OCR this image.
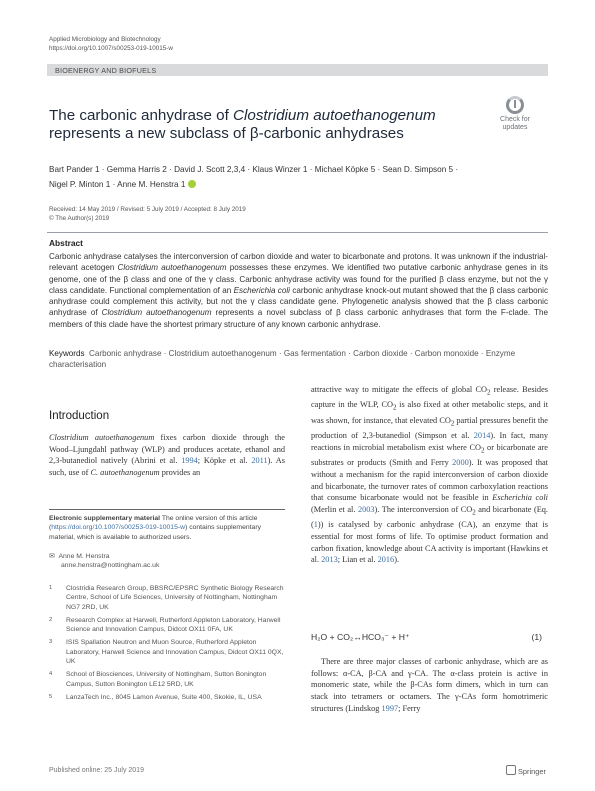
Applied Microbiology and Biotechnology
https://doi.org/10.1007/s00253-019-10015-w
BIOENERGY AND BIOFUELS
Check for
updates
The carbonic anhydrase of Clostridium autoethanogenum
represents a new subclass of β-carbonic anhydrases
Bart Pander 1 · Gemma Harris 2 · David J. Scott 2,3,4 · Klaus Winzer 1 · Michael Köpke 5 · Sean D. Simpson 5 ·
Nigel P. Minton 1 · Anne M. Henstra 1
Received: 14 May 2019 / Revised: 5 July 2019 / Accepted: 8 July 2019
© The Author(s) 2019
Abstract
Carbonic anhydrase catalyses the interconversion of carbon dioxide and water to bicarbonate and protons. It was unknown if the industrial-relevant acetogen Clostridium autoethanogenum possesses these enzymes. We identified two putative carbonic anhydrase genes in its genome, one of the β class and one of the γ class. Carbonic anhydrase activity was found for the purified β class enzyme, but not the γ class candidate. Functional complementation of an Escherichia coli carbonic anhydrase knock-out mutant showed that the β class carbonic anhydrase could complement this activity, but not the γ class candidate gene. Phylogenetic analysis showed that the β class carbonic anhydrase of Clostridium autoethanogenum represents a novel subclass of β class carbonic anhydrases that form the F-clade. The members of this clade have the shortest primary structure of any known carbonic anhydrase.
Keywords Carbonic anhydrase · Clostridium autoethanogenum · Gas fermentation · Carbon dioxide · Carbon monoxide · Enzyme characterisation
Introduction
Clostridium autoethanogenum fixes carbon dioxide through the Wood–Ljungdahl pathway (WLP) and produces acetate, ethanol and 2,3-butanediol natively (Abrini et al. 1994; Köpke et al. 2011). As such, use of C. autoethanogenum provides an

Electronic supplementary material The online version of this article (https://doi.org/10.1007/s00253-019-10015-w) contains supplementary material, which is available to authorized users.

✉ Anne M. Henstra
anne.henstra@nottingham.ac.uk
1	Clostridia Research Group, BBSRC/EPSRC Synthetic Biology Research Centre, School of Life Sciences, University of Nottingham, Nottingham NG7 2RD, UK
2	Research Complex at Harwell, Rutherford Appleton Laboratory, Harwell Science and Innovation Campus, Didcot OX11 0FA, UK
3	ISIS Spallation Neutron and Muon Source, Rutherford Appleton Laboratory, Harwell Science and Innovation Campus, Didcot OX11 0QX, UK
4	School of Biosciences, University of Nottingham, Sutton Bonington Campus, Sutton Bonington LE12 5RD, UK
5	LanzaTech Inc., 8045 Lamon Avenue, Suite 400, Skokie, IL, USA
attractive way to mitigate the effects of global $CO_2$ release. Besides capture in the WLP, $CO_2$ is also fixed at other metabolic steps, and it was shown, for instance, that elevated $CO_2$ partial pressures benefit the production of 2,3-butanediol (Simpson et al. 2014). In fact, many reactions in microbial metabolism exist where $CO_2$ or bicarbonate are substrates or products (Smith and Ferry 2000). It was proposed that without a mechanism for the rapid interconversion of carbon dioxide and bicarbonate, the turnover rates of common carboxylation reactions that consume bicarbonate would not be feasible in Escherichia coli (Merlin et al. 2003). The interconversion of $CO_2$ and bicarbonate (Eq. (1)) is catalysed by carbonic anhydrase (CA), an enzyme that is essential for most forms of life. To optimise product formation and carbon fixation, knowledge about CA activity is important (Hawkins et al. 2013; Lian et al. 2016).
H₂O + CO₂↔HCO₃⁻ + H⁺	(1)
There are three major classes of carbonic anhydrase, which are as follows: α-CA, β-CA and γ-CA. The α-class protein is active in monomeric state, while the β-CAs form dimers, which in turn can stack into tetramers or octamers. The γ-CAs form homotrimeric structures (Lindskog 1997; Ferry
Published online: 25 July 2019	Springer
